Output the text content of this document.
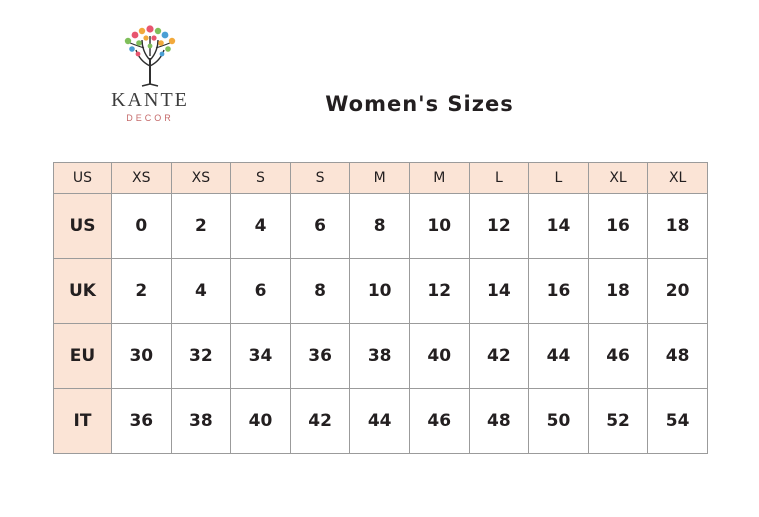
KANTE
DECOR
Women's Sizes
US	XS	XS	S	S	M	M	L	L	XL	XL
US	0	2	4	6	8	10	12	14	16	18
UK	2	4	6	8	10	12	14	16	18	20
EU	30	32	34	36	38	40	42	44	46	48
IT	36	38	40	42	44	46	48	50	52	54
